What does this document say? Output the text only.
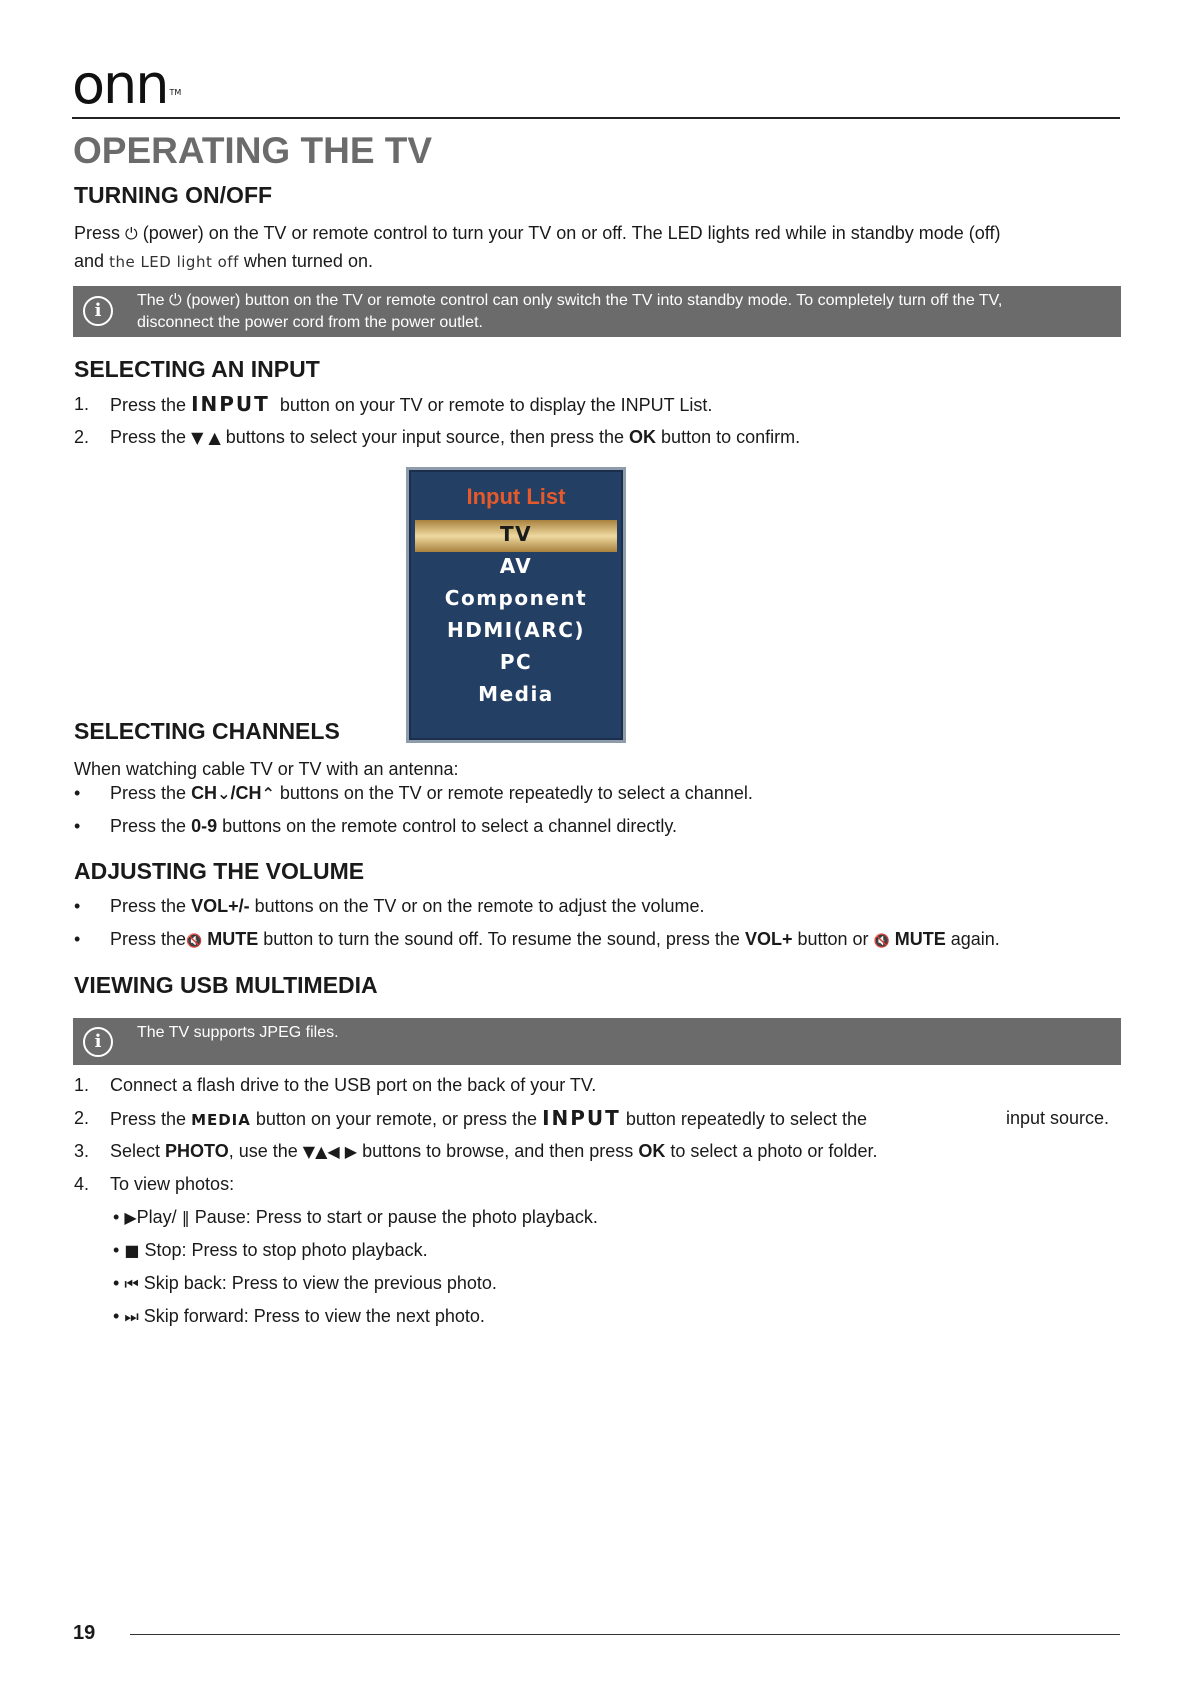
onn ™
OPERATING THE TV
TURNING ON/OFF
Press ⏻ (power) on the TV or remote control to turn your TV on or off. The LED lights red while in standby mode (off)
and the LED light off when turned on.
i	The ⏻ (power) button on the TV or remote control can only switch the TV into standby mode. To completely turn off the TV,
disconnect the power cord from the power outlet.
SELECTING AN INPUT
1. Press the INPUT button on your TV or remote to display the INPUT List.
2. Press the ▼ ▲ buttons to select your input source, then press the OK button to confirm.
Input List
TV
AV
Component
HDMI(ARC)
PC
Media
SELECTING CHANNELS
When watching cable TV or TV with an antenna:
• Press the CH⌄/CH⌃ buttons on the TV or remote repeatedly to select a channel.
• Press the 0-9 buttons on the remote control to select a channel directly.
ADJUSTING THE VOLUME
• Press the VOL+/- buttons on the TV or on the remote to adjust the volume.
• Press the🔇 MUTE button to turn the sound off. To resume the sound, press the VOL+ button or 🔇 MUTE again.
VIEWING USB MULTIMEDIA
i	The TV supports JPEG files.
1. Connect a flash drive to the USB port on the back of your TV.
2. Press the MEDIA button on your remote, or press the INPUT button repeatedly to select the	input source.
3. Select PHOTO, use the ▼▲◀ ▶ buttons to browse, and then press OK to select a photo or folder.
4. To view photos:
• ▶Play/ ‖ Pause: Press to start or pause the photo playback.
• ■ Stop: Press to stop photo playback.
• ⏮ Skip back: Press to view the previous photo.
• ⏭ Skip forward: Press to view the next photo.
19
